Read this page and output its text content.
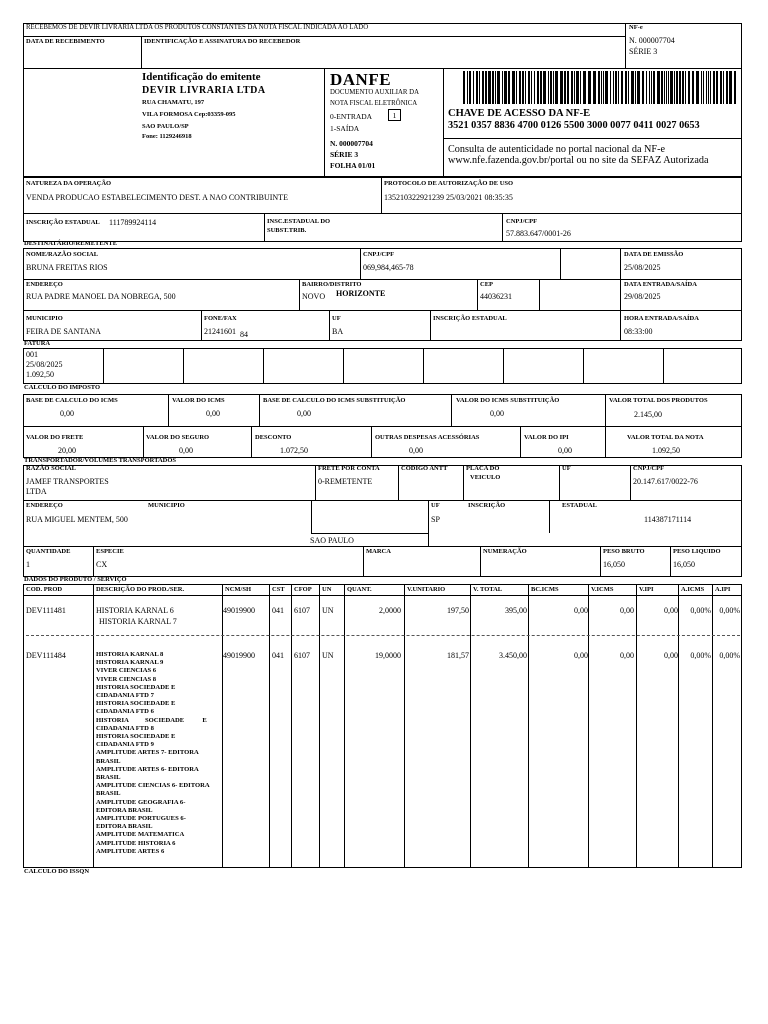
RECEBEMOS DE DEVIR LIVRARIA LTDA OS PRODUTOS CONSTANTES DA NOTA FISCAL INDICADA AO LADO
DATA DE RECEBIMENTO	IDENTIFICAÇÃO E ASSINATURA DO RECEBEDOR
NF-e
N. 000007704
SÉRIE 3
Identificação do emitente
DEVIR LIVRARIA LTDA
RUA CHAMATU, 197
VILA FORMOSA Cep:03359-095
SAO PAULO/SP
Fone: 1129246918
DANFE
DOCUMENTO AUXILIAR DA
NOTA FISCAL ELETRÔNICA
0-ENTRADA
1-SAÍDA
1
N. 000007704
SÉRIE 3
FOLHA 01/01
CHAVE DE ACESSO DA NF-E
3521 0357 8836 4700 0126 5500 3000 0077 0411 0027 0653
Consulta de autenticidade no portal nacional da NF-e
www.nfe.fazenda.gov.br/portal ou no site da SEFAZ Autorizada
NATUREZA DA OPERAÇÃO
VENDA PRODUCAO ESTABELECIMENTO DEST. A NAO CONTRIBUINTE
PROTOCOLO DE AUTORIZAÇÃO DE USO
135210322921239 25/03/2021 08:35:35
INSCRIÇÃO ESTADUAL 111789924114	INSC.ESTADUAL DO
SUBST.TRIB.
CNPJ/CPF
57.883.647/0001-26
DESTINATÁRIO/REMETENTE
NOME/RAZÃO SOCIAL
BRUNA FREITAS RIOS
CNPJ/CPF
069,984,465-78
DATA DE EMISSÃO
25/08/2025
ENDEREÇO
RUA PADRE MANOEL DA NOBREGA, 500
BAIRRO/DISTRITO
NOVO HORIZONTE
CEP
44036231
DATA ENTRADA/SAÍDA
29/08/2025
MUNICIPIO
FEIRA DE SANTANA
FONE/FAX
21241601 84
UF
BA
INSCRIÇÃO ESTADUAL	HORA ENTRADA/SAÍDA
08:33:00
FATURA
001
25/08/2025
1.092,50
CALCULO DO IMPOSTO
BASE DE CALCULO DO ICMS
0,00
VALOR DO ICMS
0,00
BASE DE CALCULO DO ICMS SUBSTITUIÇÃO
0,00
VALOR DO ICMS SUBSTITUIÇÃO
0,00
VALOR TOTAL DOS PRODUTOS
2.145,00
VALOR DO FRETE
20,00
VALOR DO SEGURO
0,00
DESCONTO
1.072,50
OUTRAS DESPESAS ACESSÓRIAS
0,00
VALOR DO IPI
0,00
VALOR TOTAL DA NOTA
1.092,50
TRANSPORTADOR/VOLUMES TRANSPORTADOS
RAZÃO SOCIAL
JAMEF TRANSPORTES
LTDA
FRETE POR CONTA
0-REMETENTE
CODIGO ANTT	PLACA DO
VEICULO
UF	CNPJ/CPF
20.147.617/0022-76
ENDEREÇO
RUA MIGUEL MENTEM, 500
MUNICIPIO
SAO PAULO
UF
SP
INSCRIÇÃO	ESTADUAL
114387171114
QUANTIDADE
1
ESPECIE
CX
MARCA	NUMERAÇÃO	PESO BRUTO
16,050
PESO LIQUIDO
16,050
DADOS DO PRODUTO / SERVIÇO
COD. PROD	DESCRIÇÃO DO PROD./SER.	NCM/SH	CST CFOP UN QUANT.	V.UNITARIO	V. TOTAL	BC.ICMS	V.ICMS	V.IPI	A.ICMS A.IPI
DEV111481	HISTORIA KARNAL 6
HISTORIA KARNAL 7
49019900 041 6107 UN	2,0000	197,50	395,00	0,00	0,00	0,00	0,00%	0,00%
DEV111484	HISTORIA KARNAL 8
HISTORIA KARNAL 9
VIVER CIENCIAS 6
VIVER CIENCIAS 8
HISTORIA SOCIEDADE E
CIDADANIA FTD 7
HISTORIA SOCIEDADE E
CIDADANIA FTD 6
HISTORIA          SOCIEDADE           E
CIDADANIA FTD 8
HISTORIA SOCIEDADE E
CIDADANIA FTD 9
AMPLITUDE ARTES 7- EDITORA
BRASIL
AMPLITUDE ARTES 6- EDITORA
BRASIL
AMPLITUDE CIENCIAS 6- EDITORA
BRASIL
AMPLITUDE GEOGRAFIA 6-
EDITORA BRASIL
AMPLITUDE PORTUGUES 6-
EDITORA BRASIL
AMPLITUDE MATEMATICA
AMPLITUDE HISTORIA 6
AMPLITUDE ARTES 6
49019900 041 6107 UN	19,0000	181,57	3.450,00	0,00	0,00	0,00	0,00%	0,00%
CALCULO DO ISSQN
